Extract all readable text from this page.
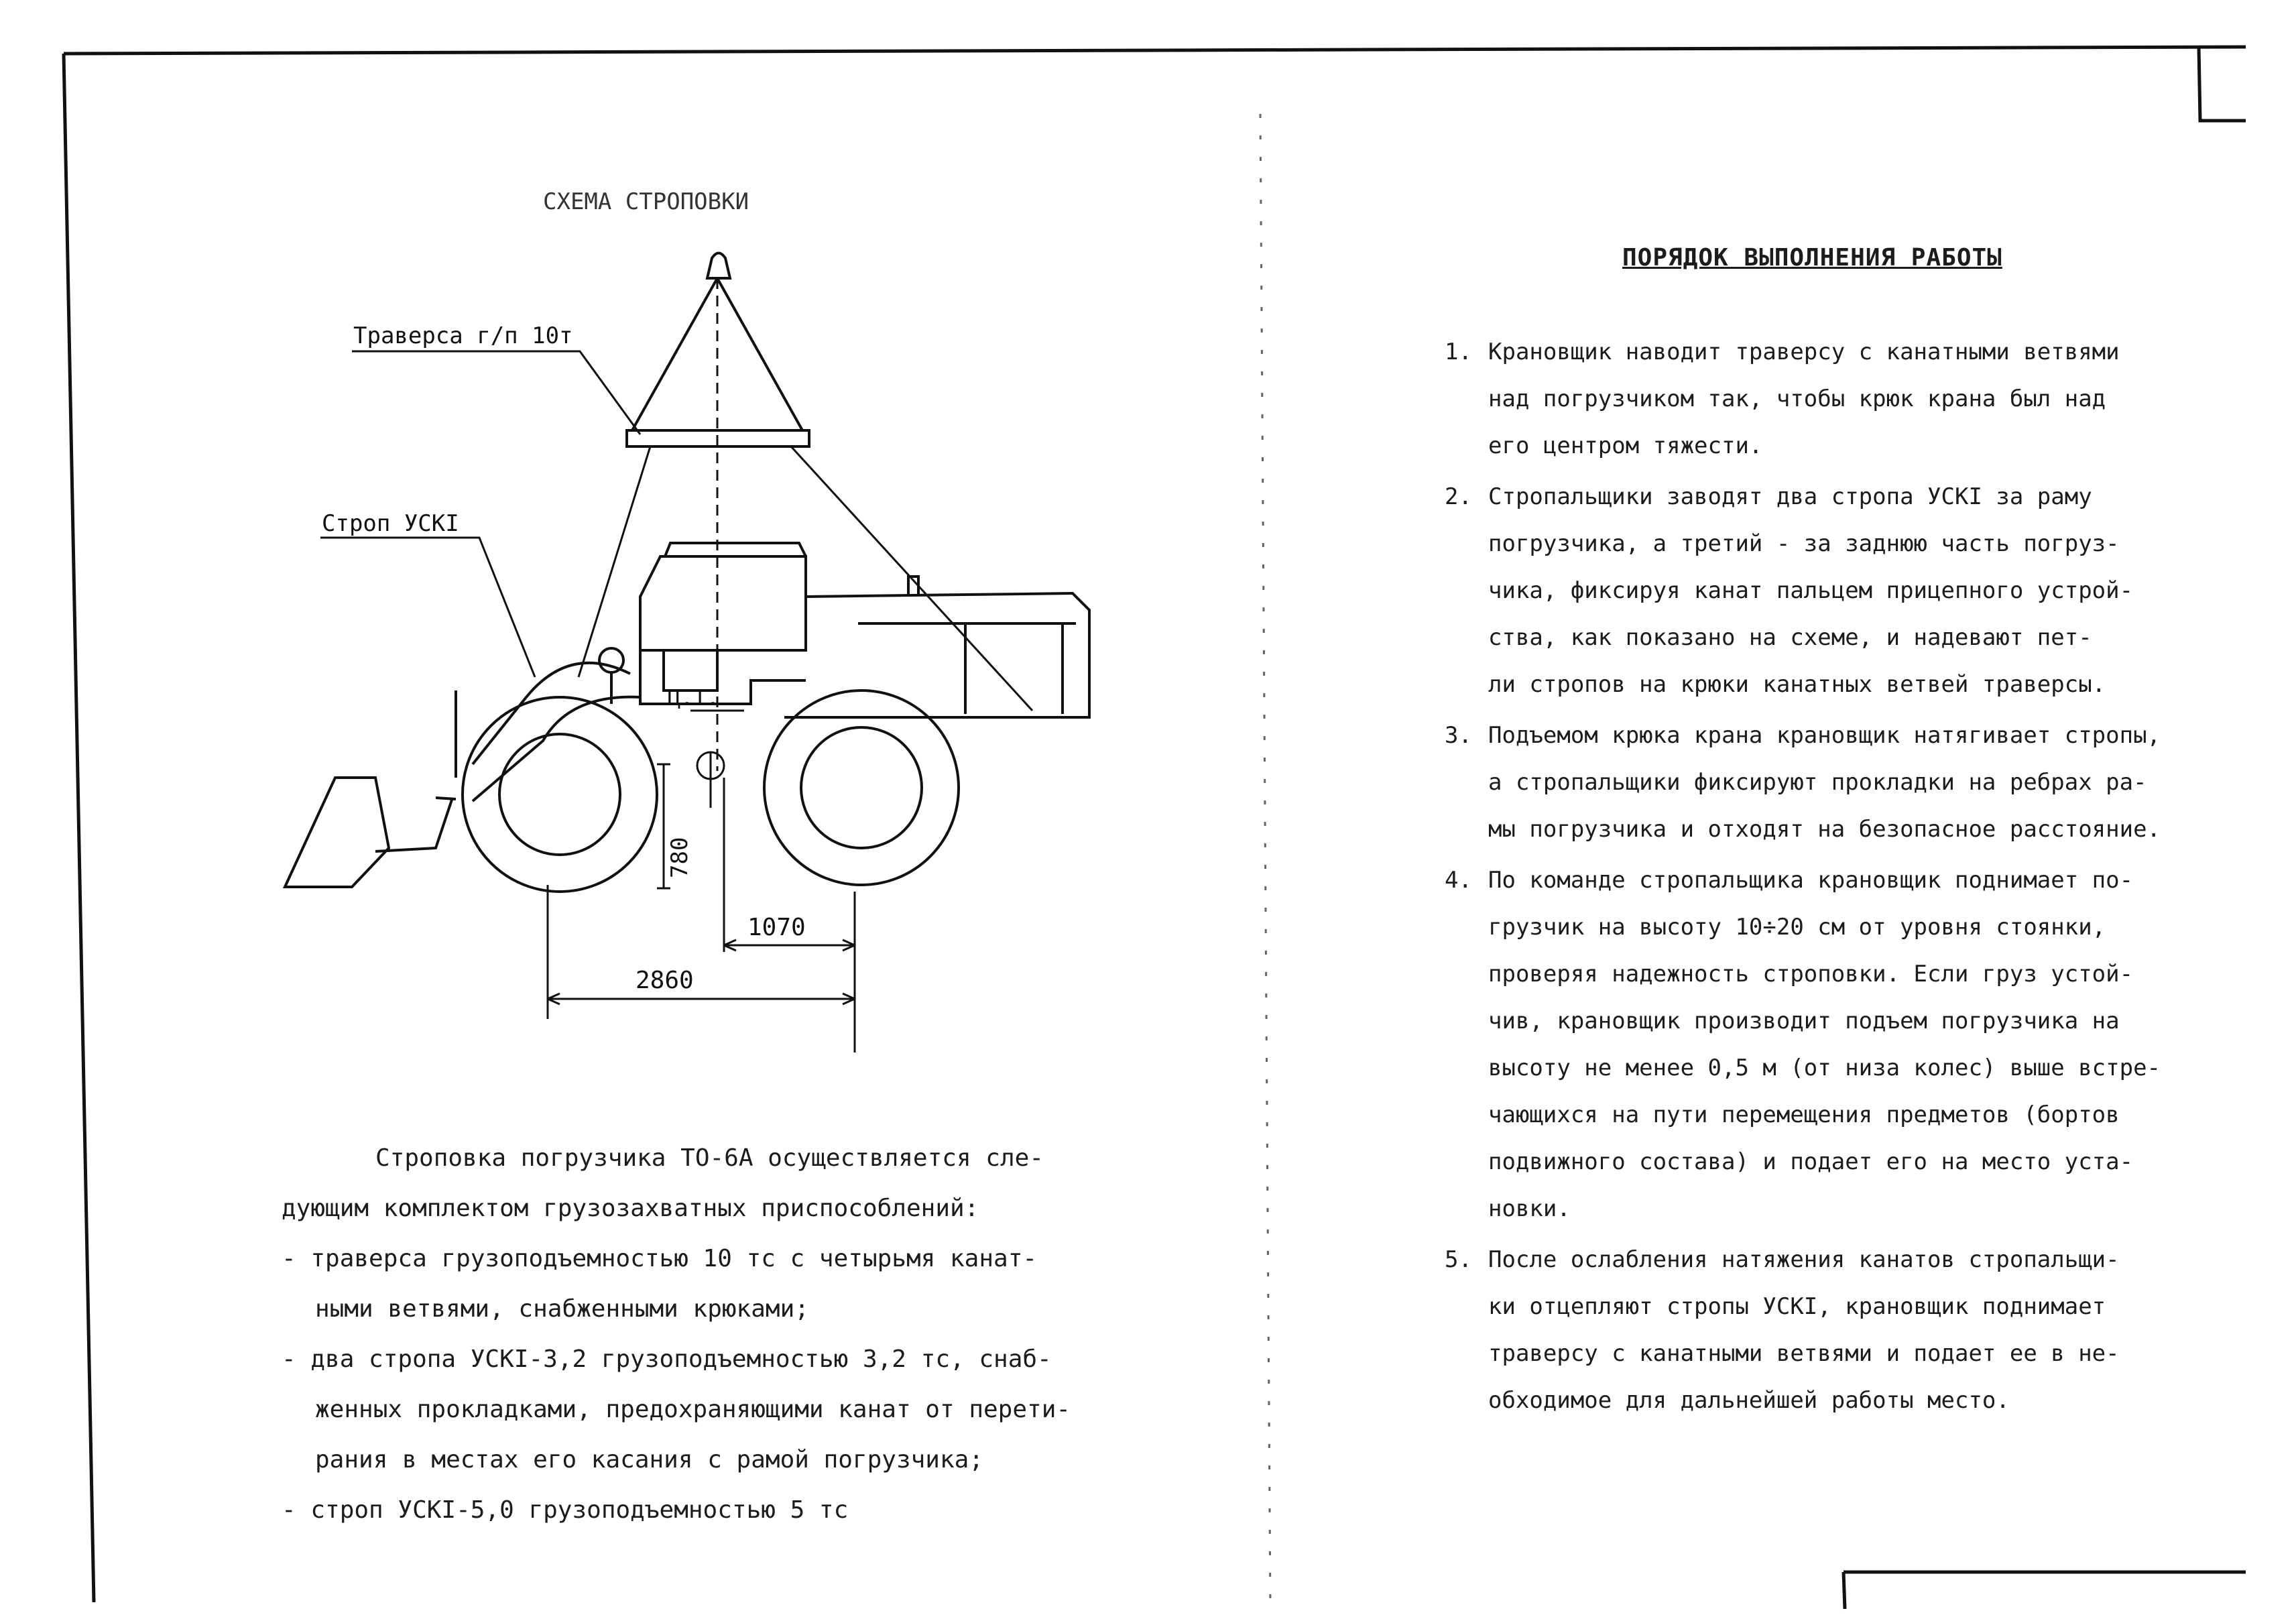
СХЕМА СТРОПОВКИ
Траверса г/п 10т
Строп УСКI
Ц.Т.
780
1070
2860

Строповка погрузчика ТО-6А осуществляется сле-

дующим комплектом грузозахватных приспособлений:

- траверса грузоподъемностью 10 тс с четырьмя канат-

ными ветвями, снабженными крюками;

- два стропа УСКI-3,2 грузоподъемностью 3,2 тс, снаб-

женных прокладками, предохраняющими канат от перети-

рания в местах его касания с рамой погрузчика;

- строп УСКI-5,0 грузоподъемностью 5 тс

ПОРЯДОК ВЫПОЛНЕНИЯ РАБОТЫ
1. Крановщик наводит траверсу с канатными ветвями
над погрузчиком так, чтобы крюк крана был над
его центром тяжести.
2. Стропальщики заводят два стропа УСКI за раму
погрузчика, а третий - за заднюю часть погруз-
чика, фиксируя канат пальцем прицепного устрой-
ства, как показано на схеме, и надевают пет-
ли стропов на крюки канатных ветвей траверсы.
3. Подъемом крюка крана крановщик натягивает стропы,
а стропальщики фиксируют прокладки на ребрах ра-
мы погрузчика и отходят на безопасное расстояние.
4. По команде стропальщика крановщик поднимает по-
грузчик на высоту 10÷20 см от уровня стоянки,
проверяя надежность строповки. Если груз устой-
чив, крановщик производит подъем погрузчика на
высоту не менее 0,5 м (от низа колес) выше встре-
чающихся на пути перемещения предметов (бортов
подвижного состава) и подает его на место уста-
новки.
5. После ослабления натяжения канатов стропальщи-
ки отцепляют стропы УСКI, крановщик поднимает
траверсу с канатными ветвями и подает ее в не-
обходимое для дальнейшей работы место.
